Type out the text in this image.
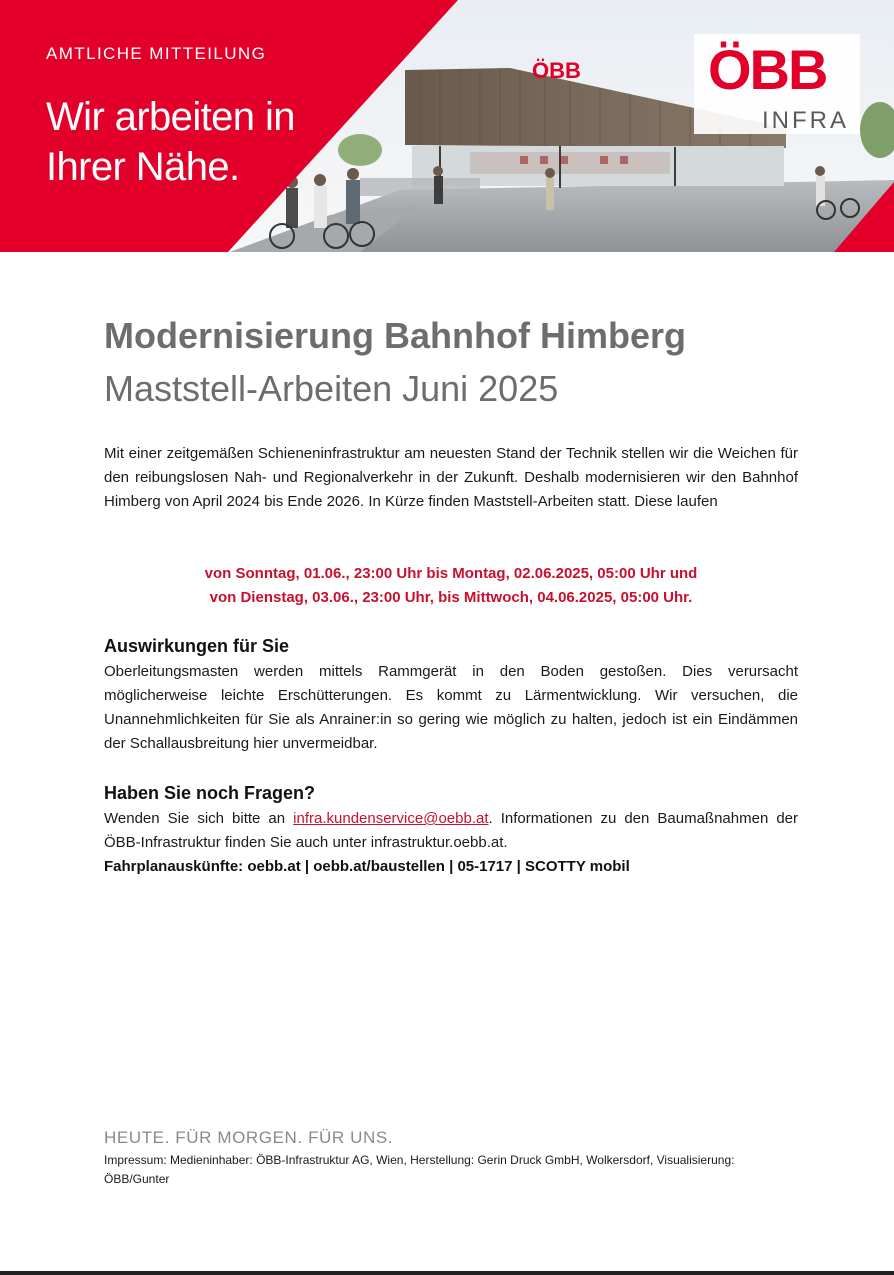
ÖBB
AMTLICHE MITTEILUNG
Wir arbeiten in Ihrer Nähe.
ÖBB
INFRA
Modernisierung Bahnhof Himberg
Maststell-Arbeiten Juni 2025
Mit einer zeitgemäßen Schieneninfrastruktur am neuesten Stand der Technik stellen wir die Weichen für den reibungslosen Nah- und Regionalverkehr in der Zukunft. Deshalb modernisieren wir den Bahnhof Himberg von April 2024 bis Ende 2026. In Kürze finden Maststell-Arbeiten statt. Diese laufen
von Sonntag, 01.06., 23:00 Uhr bis Montag, 02.06.2025, 05:00 Uhr und
von Dienstag, 03.06., 23:00 Uhr, bis Mittwoch, 04.06.2025, 05:00 Uhr.
Auswirkungen für Sie
Oberleitungsmasten werden mittels Rammgerät in den Boden gestoßen. Dies verursacht möglicherweise leichte Erschütterungen. Es kommt zu Lärmentwicklung. Wir versuchen, die Unannehmlichkeiten für Sie als Anrainer:in so gering wie möglich zu halten, jedoch ist ein Eindämmen der Schallausbreitung hier unvermeidbar.
Haben Sie noch Fragen?
Wenden Sie sich bitte an infra.kundenservice@oebb.at. Informationen zu den Baumaßnahmen der ÖBB-Infrastruktur finden Sie auch unter infrastruktur.oebb.at.
Fahrplanauskünfte: oebb.at | oebb.at/baustellen | 05-1717 | SCOTTY mobil
HEUTE. FÜR MORGEN. FÜR UNS.
Impressum: Medieninhaber: ÖBB-Infrastruktur AG, Wien, Herstellung: Gerin Druck GmbH, Wolkersdorf, Visualisierung: ÖBB/Gunter
